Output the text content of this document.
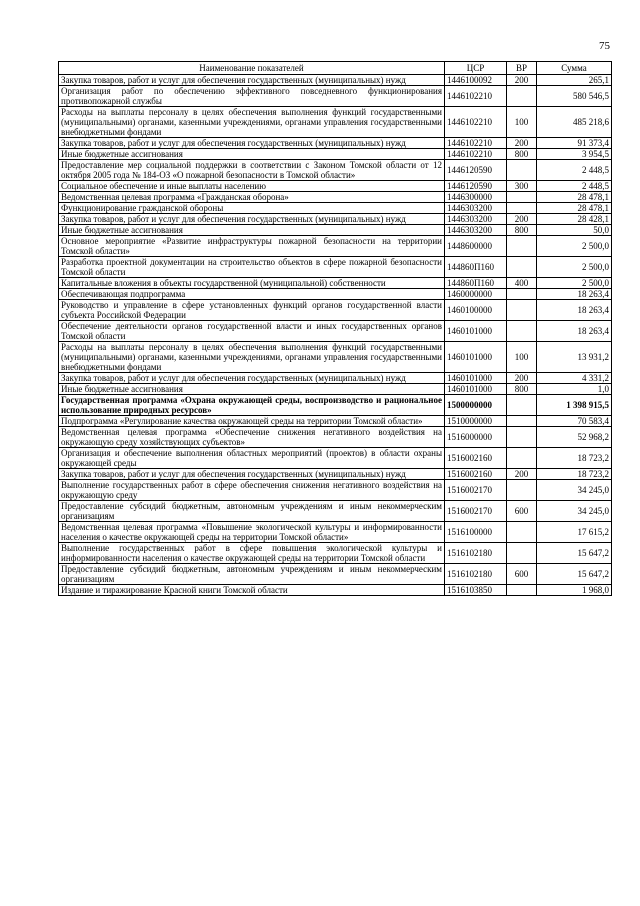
75
Наименование показателей	ЦСР	ВР	Сумма
Закупка товаров, работ и услуг для обеспечения государственных (муниципальных) нужд	1446100092	200	265,1
Организация работ по обеспечению эффективного повседневного функционирования противопожарной службы	1446102210		580 546,5
Расходы на выплаты персоналу в целях обеспечения выполнения функций государственными (муниципальными) органами, казенными учреждениями, органами управления государственными внебюджетными фондами	1446102210	100	485 218,6
Закупка товаров, работ и услуг для обеспечения государственных (муниципальных) нужд	1446102210	200	91 373,4
Иные бюджетные ассигнования	1446102210	800	3 954,5
Предоставление мер социальной поддержки в соответствии с Законом Томской области от 12 октября 2005 года № 184-ОЗ «О пожарной безопасности в Томской области»	1446120590		2 448,5
Социальное обеспечение и иные выплаты населению	1446120590	300	2 448,5
Ведомственная целевая программа «Гражданская оборона»	1446300000		28 478,1
Функционирование гражданской обороны	1446303200		28 478,1
Закупка товаров, работ и услуг для обеспечения государственных (муниципальных) нужд	1446303200	200	28 428,1
Иные бюджетные ассигнования	1446303200	800	50,0
Основное мероприятие «Развитие инфраструктуры пожарной безопасности на территории Томской области»	1448600000		2 500,0
Разработка проектной документации на строительство объектов в сфере пожарной безопасности Томской области	144860П160		2 500,0
Капитальные вложения в объекты государственной (муниципальной) собственности	144860П160	400	2 500,0
Обеспечивающая подпрограмма	1460000000		18 263,4
Руководство и управление в сфере установленных функций органов государственной власти субъекта Российской Федерации	1460100000		18 263,4
Обеспечение деятельности органов государственной власти и иных государственных органов Томской области	1460101000		18 263,4
Расходы на выплаты персоналу в целях обеспечения выполнения функций государственными (муниципальными) органами, казенными учреждениями, органами управления государственными внебюджетными фондами	1460101000	100	13 931,2
Закупка товаров, работ и услуг для обеспечения государственных (муниципальных) нужд	1460101000	200	4 331,2
Иные бюджетные ассигнования	1460101000	800	1,0
Государственная программа «Охрана окружающей среды, воспроизводство и рациональное использование природных ресурсов»	1500000000		1 398 915,5
Подпрограмма «Регулирование качества окружающей среды на территории Томской области»	1510000000		70 583,4
Ведомственная целевая программа «Обеспечение снижения негативного воздействия на окружающую среду хозяйствующих субъектов»	1516000000		52 968,2
Организация и обеспечение выполнения областных мероприятий (проектов) в области охраны окружающей среды	1516002160		18 723,2
Закупка товаров, работ и услуг для обеспечения государственных (муниципальных) нужд	1516002160	200	18 723,2
Выполнение государственных работ в сфере обеспечения снижения негативного воздействия на окружающую среду	1516002170		34 245,0
Предоставление субсидий бюджетным, автономным учреждениям и иным некоммерческим организациям	1516002170	600	34 245,0
Ведомственная целевая программа «Повышение экологической культуры и информированности населения о качестве окружающей среды на территории Томской области»	1516100000		17 615,2
Выполнение государственных работ в сфере повышения экологической культуры и информированности населения о качестве окружающей среды на территории Томской области	1516102180		15 647,2
Предоставление субсидий бюджетным, автономным учреждениям и иным некоммерческим организациям	1516102180	600	15 647,2
Издание и тиражирование Красной книги Томской области	1516103850		1 968,0
